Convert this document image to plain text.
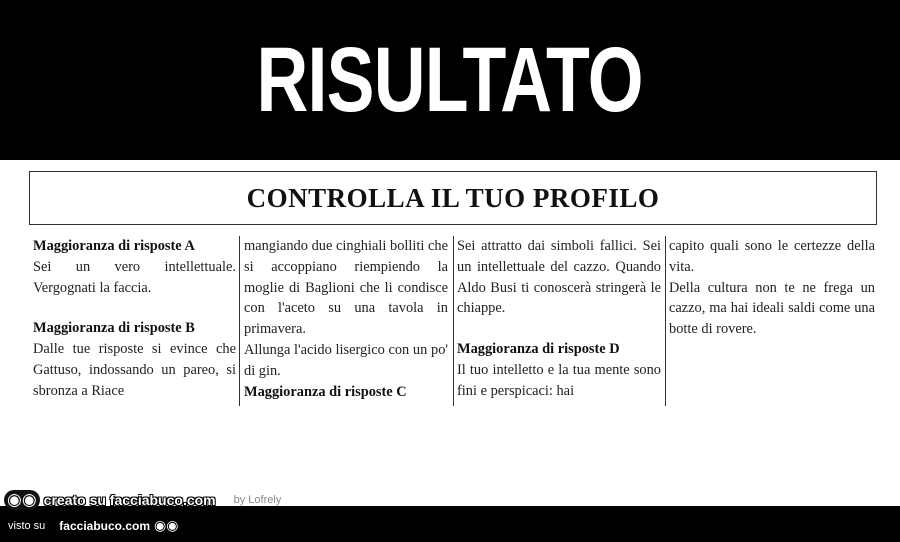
RISULTATO
CONTROLLA IL TUO PROFILO

Maggioranza di risposte A

Sei un vero intellettuale. Vergognati la faccia.

Maggioranza di risposte B

Dalle tue risposte si evince che Gattuso, indossando un pareo, si sbronza a Riace

mangiando due cinghiali bolliti che si accoppiano riempiendo la moglie di Baglioni che li condisce con l'aceto su una tavola in primavera.

Allunga l'acido lisergico con un po' di gin.

Maggioranza di risposte C

Sei attratto dai simboli fallici. Sei un intellettuale del cazzo. Quando Aldo Busi ti conoscerà stringerà le chiappe.

Maggioranza di risposte D

Il tuo intelletto e la tua mente sono fini e perspicaci: hai

capito quali sono le certezze della vita.

Della cultura non te ne frega un cazzo, ma hai ideali saldi come una botte di rovere.

◉◉ creato su facciabuco.com by Lofrely
visto su facciabuco.com ◉◉
